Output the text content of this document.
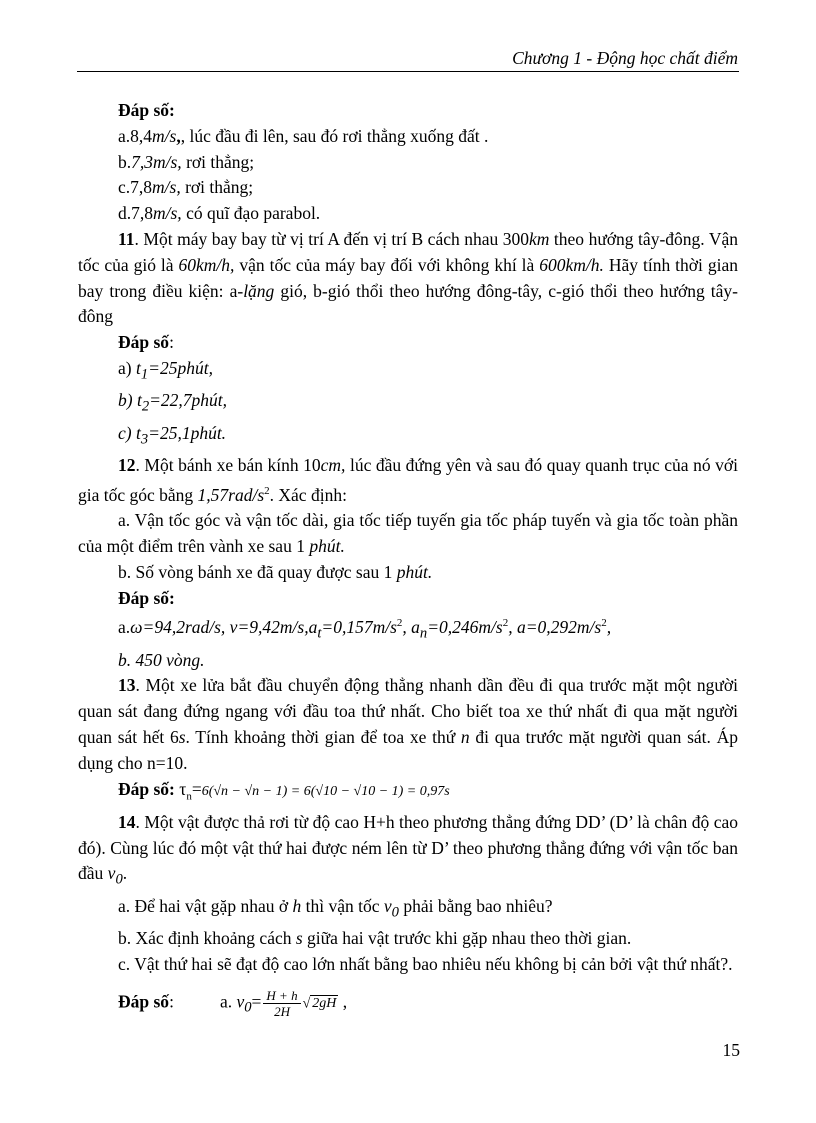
Chương 1 - Động học chất điểm

Đáp số:

a.8,4m/s,, lúc đầu đi lên, sau đó rơi thẳng xuống đất .

b.7,3m/s, rơi thẳng;

c.7,8m/s, rơi thẳng;

d.7,8m/s, có quĩ đạo parabol.

11. Một máy bay bay từ vị trí A đến vị trí B cách nhau 300km theo hướng tây-đông. Vận tốc của gió là 60km/h, vận tốc của máy bay đối với không khí là 600km/h. Hãy tính thời gian bay trong điều kiện: a-lặng gió, b-gió thổi theo hướng đông-tây, c-gió thổi theo hướng tây-đông

Đáp số:

a) $t_1=25phút$,

b) $t_2=22,7phút$,

c) $t_3=25,1phút$.

12. Một bánh xe bán kính 10cm, lúc đầu đứng yên và sau đó quay quanh trục của nó với gia tốc góc bằng $1,57rad/s^2$. Xác định:

a. Vận tốc góc và vận tốc dài, gia tốc tiếp tuyến gia tốc pháp tuyến và gia tốc toàn phần của một điểm trên vành xe sau 1 phút.

b. Số vòng bánh xe đã quay được sau 1 phút.

Đáp số:

a.ω=94,2rad/s, $v=9,42m/s,a_t=0,157m/s^2$, $a_n=0,246m/s^2$, $a=0,292m/s^2$,

b. 450 vòng.

13. Một xe lửa bắt đầu chuyển động thẳng nhanh dần đều đi qua trước mặt một người quan sát đang đứng ngang với đầu toa thứ nhất. Cho biết toa xe thứ nhất đi qua mặt người quan sát hết 6s. Tính khoảng thời gian để toa xe thứ n đi qua trước mặt người quan sát. Áp dụng cho n=10.

Đáp số: $\tau_n=6(√n - √n - 1) = 6(√10 - √10 - 1) = 0,97s$

14. Một vật được thả rơi từ độ cao H+h theo phương thẳng đứng DD’ (D’ là chân độ cao đó). Cùng lúc đó một vật thứ hai được ném lên từ D’ theo phương thẳng đứng với vận tốc ban đầu $v_0$.

a. Để hai vật gặp nhau ở h thì vận tốc $v_0$ phải bằng bao nhiêu?

b. Xác định khoảng cách s giữa hai vật trước khi gặp nhau theo thời gian.

c. Vật thứ hai sẽ đạt độ cao lớn nhất bằng bao nhiêu nếu không bị cản bởi vật thứ nhất?.

Đáp số:	a. $v_0= \frac{H + h}{2H}$ √ 2gH ,

15
